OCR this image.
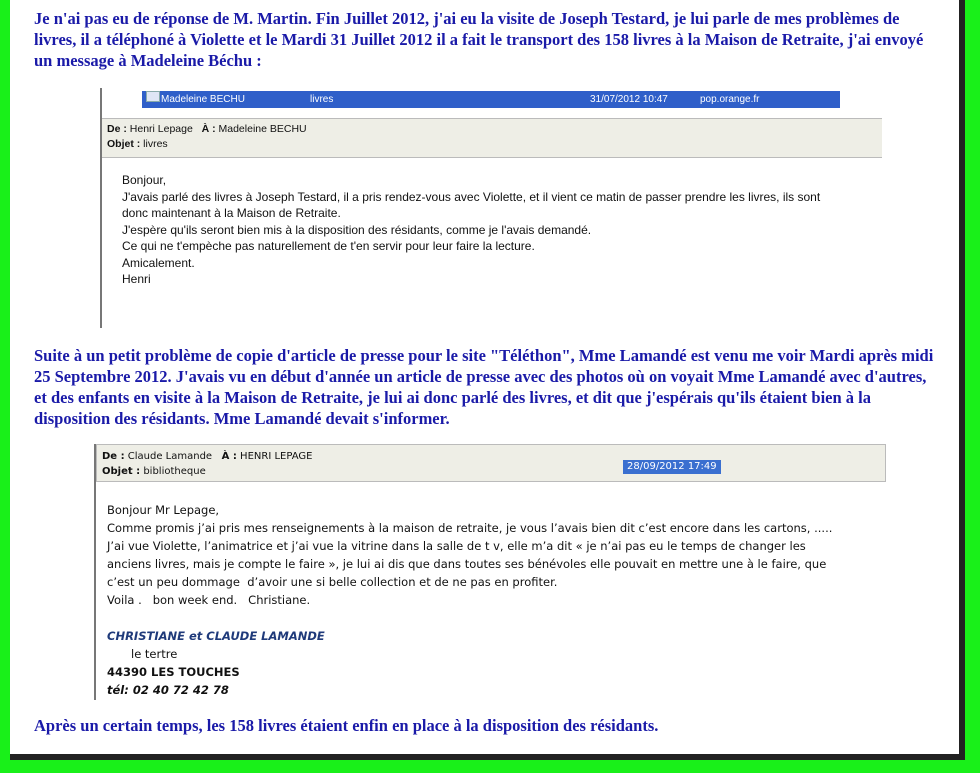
Je n'ai pas eu de réponse de M. Martin. Fin Juillet 2012, j'ai eu la visite de Joseph Testard, je lui parle de mes problèmes de livres, il a téléphoné à Violette et le Mardi 31 Juillet 2012 il a fait le transport des 158 livres à la Maison de Retraite, j'ai envoyé un message à Madeleine Béchu :

Madeleine BECHU	livres	31/07/2012 10:47	pop.orange.fr
De : Henri Lepage À : Madeleine BECHU
Objet : livres
Bonjour,
J'avais parlé des livres à Joseph Testard, il a pris rendez-vous avec Violette, et il vient ce matin de passer prendre les livres, ils sont
donc maintenant à la Maison de Retraite.
J'espère qu'ils seront bien mis à la disposition des résidants, comme je l'avais demandé.
Ce qui ne t'empèche pas naturellement de t'en servir pour leur faire la lecture.
Amicalement.
Henri

Suite à un petit problème de copie d'article de presse pour le site "Téléthon", Mme Lamandé est venu me voir Mardi après midi 25 Septembre 2012. J'avais vu en début d'année un article de presse avec des photos où on voyait Mme Lamandé avec d'autres, et des enfants en visite à la Maison de Retraite, je lui ai donc parlé des livres, et dit que j'espérais qu'ils étaient bien à la disposition des résidants. Mme Lamandé devait s'informer.

De : Claude Lamande À : HENRI LEPAGE
Objet : bibliotheque	28/09/2012 17:49
Bonjour Mr Lepage,
Comme promis j’ai pris mes renseignements à la maison de retraite, je vous l’avais bien dit c’est encore dans les cartons, .....
J’ai vue Violette, l’animatrice et j’ai vue la vitrine dans la salle de t v, elle m’a dit « je n’ai pas eu le temps de changer les
anciens livres, mais je compte le faire », je lui ai dis que dans toutes ses bénévoles elle pouvait en mettre une à le faire, que
c’est un peu dommage  d’avoir une si belle collection et de ne pas en profiter.
Voila .   bon week end.   Christiane.
CHRISTIANE et CLAUDE LAMANDE
le tertre
44390 LES TOUCHES
tél: 02 40 72 42 78

Après un certain temps, les 158 livres étaient enfin en place à la disposition des résidants.
